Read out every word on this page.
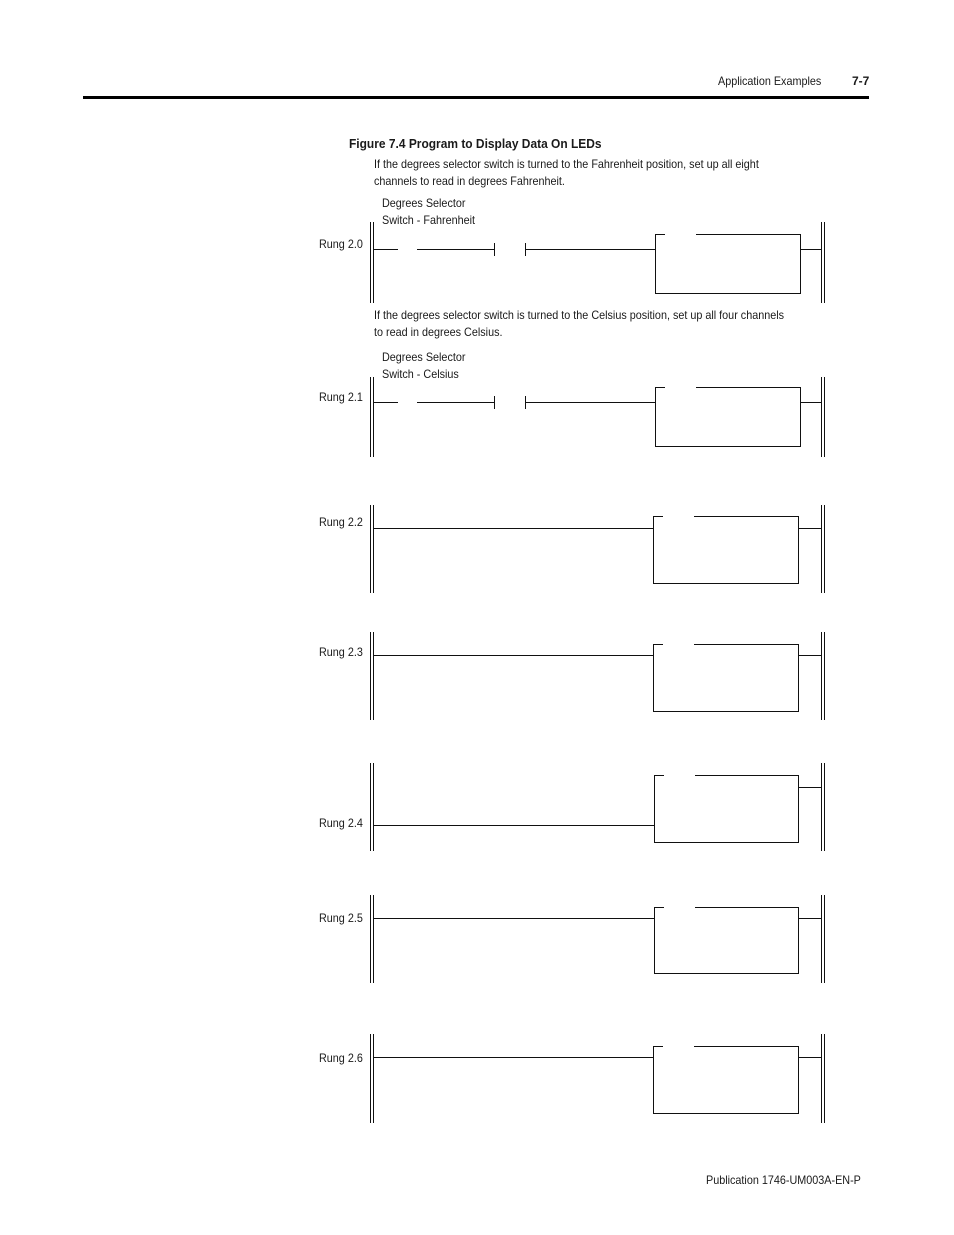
Application Examples	7-7
Figure 7.4 Program to Display Data On LEDs
If the degrees selector switch is turned to the Fahrenheit position, set up all eight
channels to read in degrees Fahrenheit.
Degrees Selector
Switch - Fahrenheit
If the degrees selector switch is turned to the Celsius position, set up all four channels
to read in degrees Celsius.
Degrees Selector
Switch - Celsius
Rung 2.0
Rung 2.1
Rung 2.2
Rung 2.3
Rung 2.4
Rung 2.5
Rung 2.6
Publication 1746-UM003A-EN-P
